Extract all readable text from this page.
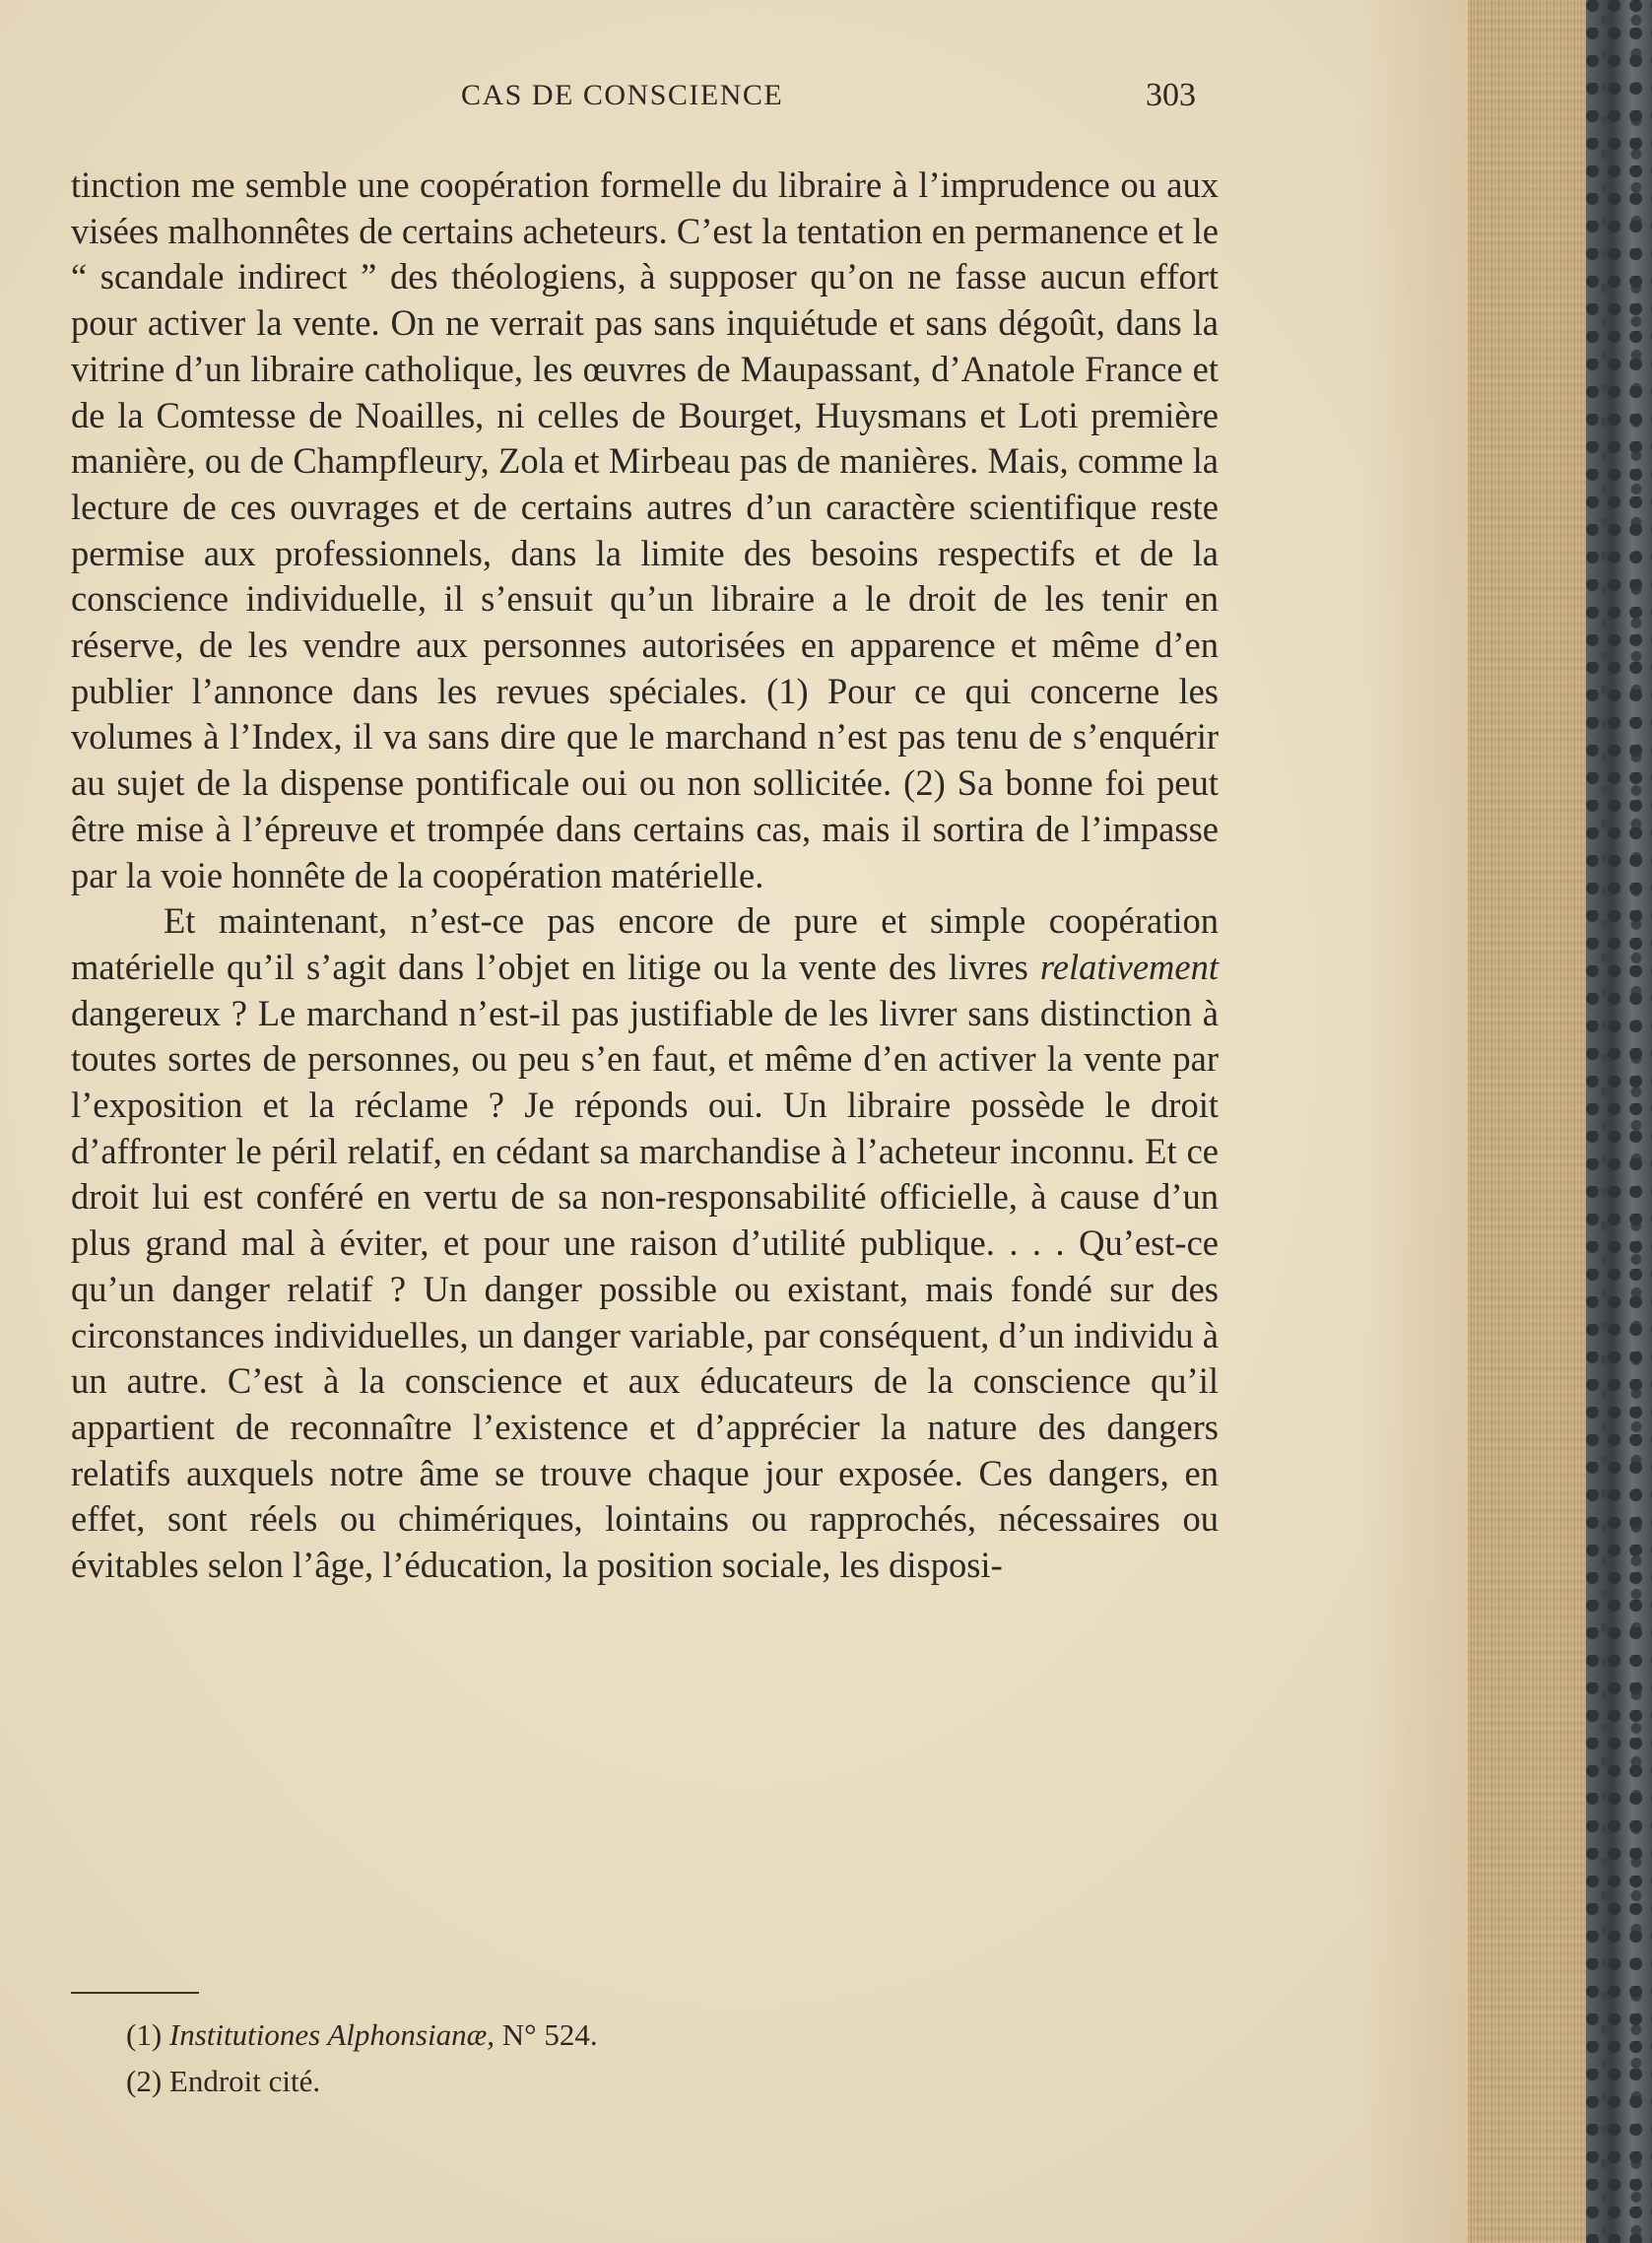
CAS DE CONSCIENCE	303

tinction me semble une coopération formelle du libraire à l’imprudence ou aux visées malhonnêtes de certains acheteurs. C’est la tentation en permanence et le “ scandale indirect ” des théologiens, à supposer qu’on ne fasse aucun effort pour activer la vente. On ne verrait pas sans inquiétude et sans dégoût, dans la vitrine d’un libraire catholique, les œuvres de Maupassant, d’Anatole France et de la Comtesse de Noailles, ni celles de Bourget, Huysmans et Loti première manière, ou de Champfleury, Zola et Mirbeau pas de manières. Mais, comme la lecture de ces ouvrages et de certains autres d’un caractère scientifique reste permise aux professionnels, dans la limite des besoins respectifs et de la conscience individuelle, il s’ensuit qu’un libraire a le droit de les tenir en réserve, de les vendre aux personnes autorisées en apparence et même d’en publier l’annonce dans les revues spéciales. (1) Pour ce qui concerne les volumes à l’Index, il va sans dire que le marchand n’est pas tenu de s’enquérir au sujet de la dispense pontificale oui ou non sollicitée. (2) Sa bonne foi peut être mise à l’épreuve et trompée dans certains cas, mais il sortira de l’impasse par la voie honnête de la coopération matérielle.

Et maintenant, n’est-ce pas encore de pure et simple coopération matérielle qu’il s’agit dans l’objet en litige ou la vente des livres relativement dangereux ? Le marchand n’est-il pas justifiable de les livrer sans distinction à toutes sortes de personnes, ou peu s’en faut, et même d’en activer la vente par l’exposition et la réclame ? Je réponds oui. Un libraire possède le droit d’affronter le péril relatif, en cédant sa marchandise à l’acheteur inconnu. Et ce droit lui est conféré en vertu de sa non-responsabilité officielle, à cause d’un plus grand mal à éviter, et pour une raison d’utilité publique. . . . Qu’est-ce qu’un danger relatif ? Un danger possible ou existant, mais fondé sur des circonstances individuelles, un danger variable, par conséquent, d’un individu à un autre. C’est à la conscience et aux éducateurs de la conscience qu’il appartient de reconnaître l’existence et d’apprécier la nature des dangers relatifs auxquels notre âme se trouve chaque jour exposée. Ces dangers, en effet, sont réels ou chimériques, lointains ou rapprochés, nécessaires ou évitables selon l’âge, l’éducation, la position sociale, les disposi-

(1) Institutiones Alphonsianæ, N° 524.
(2) Endroit cité.
